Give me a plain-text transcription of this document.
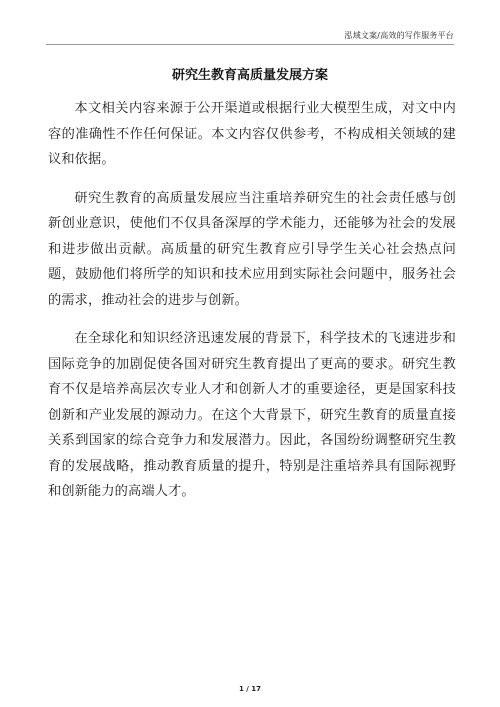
泓域文案/高效的写作服务平台
研究生教育高质量发展方案

本文相关内容来源于公开渠道或根据行业大模型生成，对文中内容的准确性不作任何保证。本文内容仅供参考，不构成相关领域的建议和依据。

研究生教育的高质量发展应当注重培养研究生的社会责任感与创新创业意识，使他们不仅具备深厚的学术能力，还能够为社会的发展和进步做出贡献。高质量的研究生教育应引导学生关心社会热点问题，鼓励他们将所学的知识和技术应用到实际社会问题中，服务社会的需求，推动社会的进步与创新。

在全球化和知识经济迅速发展的背景下，科学技术的飞速进步和国际竞争的加剧促使各国对研究生教育提出了更高的要求。研究生教育不仅是培养高层次专业人才和创新人才的重要途径，更是国家科技创新和产业发展的源动力。在这个大背景下，研究生教育的质量直接关系到国家的综合竞争力和发展潜力。因此，各国纷纷调整研究生教育的发展战略，推动教育质量的提升，特别是注重培养具有国际视野和创新能力的高端人才。

1 / 17
